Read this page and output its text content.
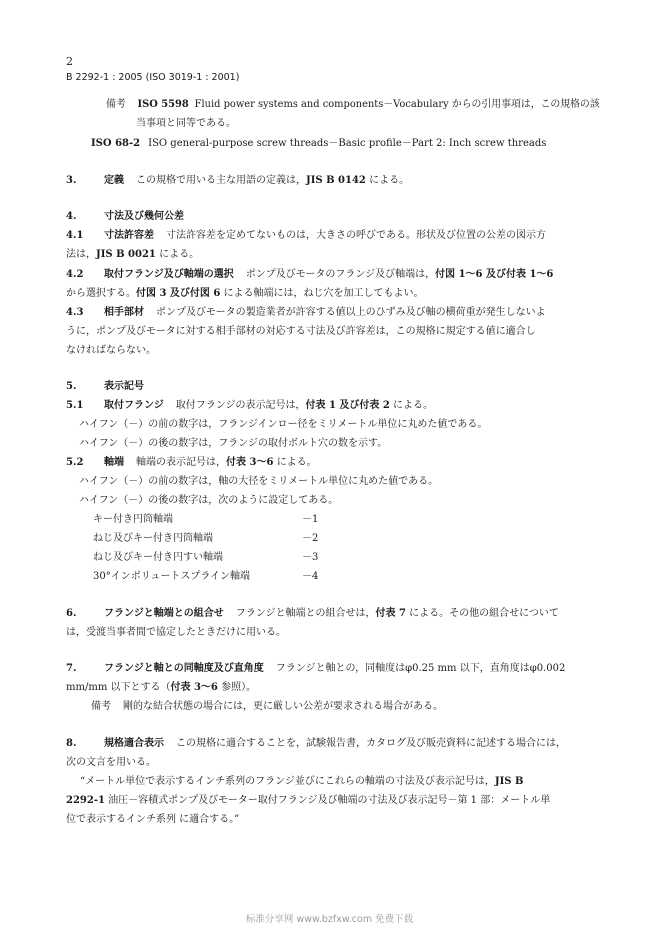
2
B 2292-1 : 2005 (ISO 3019-1 : 2001)
備考 ISO 5598 Fluid power systems and components－Vocabulary からの引用事項は，この規格の該
当事項と同等である。
ISO 68-2 ISO general-purpose screw threads－Basic profile－Part 2: Inch screw threads
3.	定義 この規格で用いる主な用語の定義は，JIS B 0142 による。
4.	寸法及び幾何公差
4.1 寸法許容差 寸法許容差を定めてないものは，大きさの呼びである。形状及び位置の公差の図示方
法は，JIS B 0021 による。
4.2 取付フランジ及び軸端の選択 ポンプ及びモータのフランジ及び軸端は，付図 1～6 及び付表 1～6
から選択する。付図 3 及び付図 6 による軸端には，ねじ穴を加工してもよい。
4.3 相手部材 ポンプ及びモータの製造業者が許容する値以上のひずみ及び軸の横荷重が発生しないよ
うに，ポンプ及びモータに対する相手部材の対応する寸法及び許容差は，この規格に規定する値に適合し
なければならない。
5.	表示記号
5.1 取付フランジ 取付フランジの表示記号は，付表 1 及び付表 2 による。
ハイフン（－）の前の数字は，フランジインロー径をミリメートル単位に丸めた値である。
ハイフン（－）の後の数字は，フランジの取付ボルト穴の数を示す。
5.2 軸端 軸端の表示記号は，付表 3～6 による。
ハイフン（－）の前の数字は，軸の大径をミリメートル単位に丸めた値である。
ハイフン（－）の後の数字は，次のように設定してある。
キー付き円筒軸端	－1
ねじ及びキー付き円筒軸端	－2
ねじ及びキー付き円すい軸端	－3
30°インボリュートスプライン軸端	－4
6.	フランジと軸端との組合せ フランジと軸端との組合せは，付表 7 による。その他の組合せについて
は，受渡当事者間で協定したときだけに用いる。
7.	フランジと軸との同軸度及び直角度 フランジと軸との，同軸度はφ0.25 mm 以下，直角度はφ0.002
mm/mm 以下とする（付表 3～6 参照）。
備考 剛的な結合状態の場合には，更に厳しい公差が要求される場合がある。
8.	規格適合表示 この規格に適合することを，試験報告書，カタログ及び販売資料に記述する場合には，
次の文言を用いる。
“メートル単位で表示するインチ系列のフランジ並びにこれらの軸端の寸法及び表示記号は，JIS B
2292-1 油圧－容積式ポンプ及びモーター取付フランジ及び軸端の寸法及び表示記号－第 1 部：メートル単
位で表示するインチ系列 に適合する。”
标准分享网 www.bzfxw.com 免费下载
